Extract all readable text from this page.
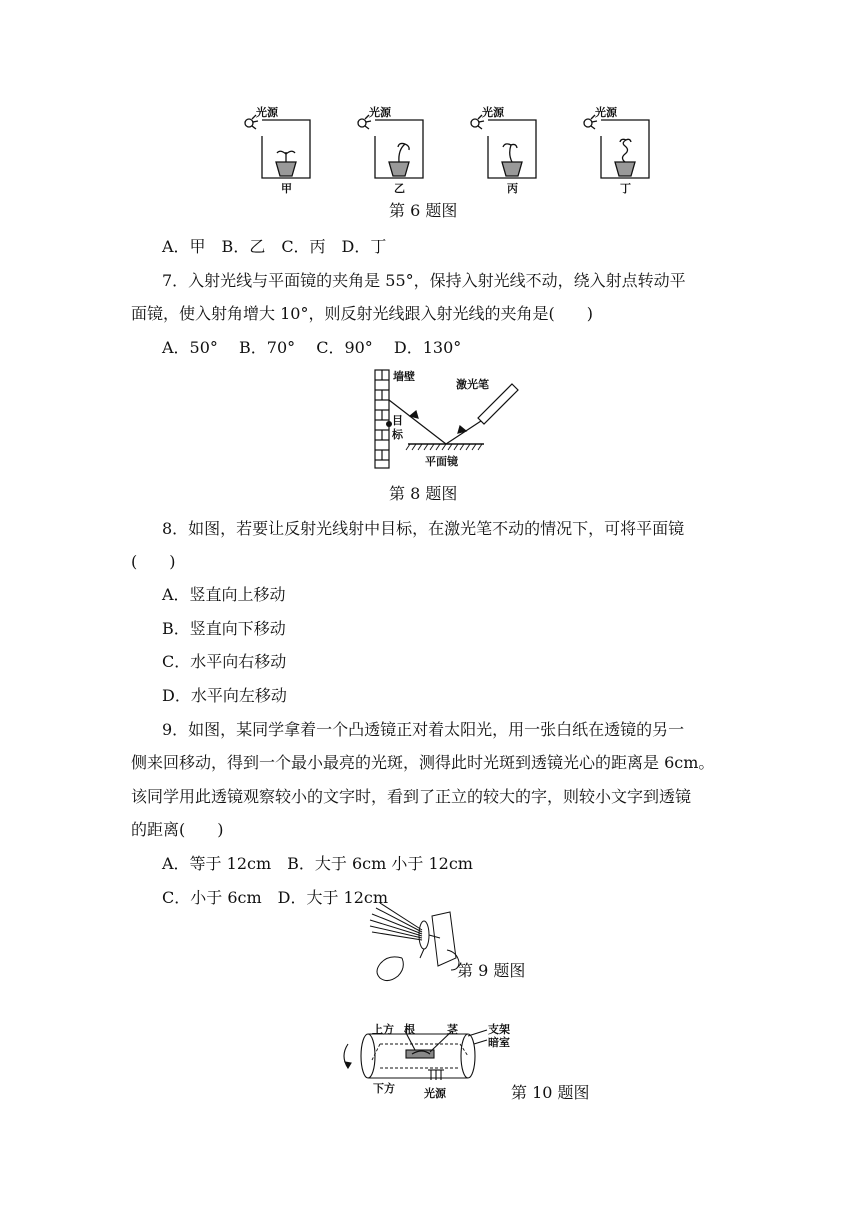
光源	光源	光源	光源
甲	乙	丙	丁
第 6 题图
A．甲　B．乙　C．丙　D．丁
7．入射光线与平面镜的夹角是 55°，保持入射光线不动，绕入射点转动平
面镜，使入射角增大 10°，则反射光线跟入射光线的夹角是(　　)
A．50°　 B．70°　 C．90°　 D．130°
墙壁
激光笔
目
标
平面镜
第 8 题图
8．如图，若要让反射光线射中目标，在激光笔不动的情况下，可将平面镜
(　　)
A．竖直向上移动
B．竖直向下移动
C．水平向右移动
D．水平向左移动
9．如图，某同学拿着一个凸透镜正对着太阳光，用一张白纸在透镜的另一
侧来回移动，得到一个最小最亮的光斑，测得此时光斑到透镜光心的距离是 6cm。
该同学用此透镜观察较小的文字时，看到了正立的较大的字，则较小文字到透镜
的距离(　　)
A．等于 12cm　B．大于 6cm 小于 12cm
C．小于 6cm　D．大于 12cm
第 9 题图
上方 根	茎	支架
暗室
下方	光源	第 10 题图
